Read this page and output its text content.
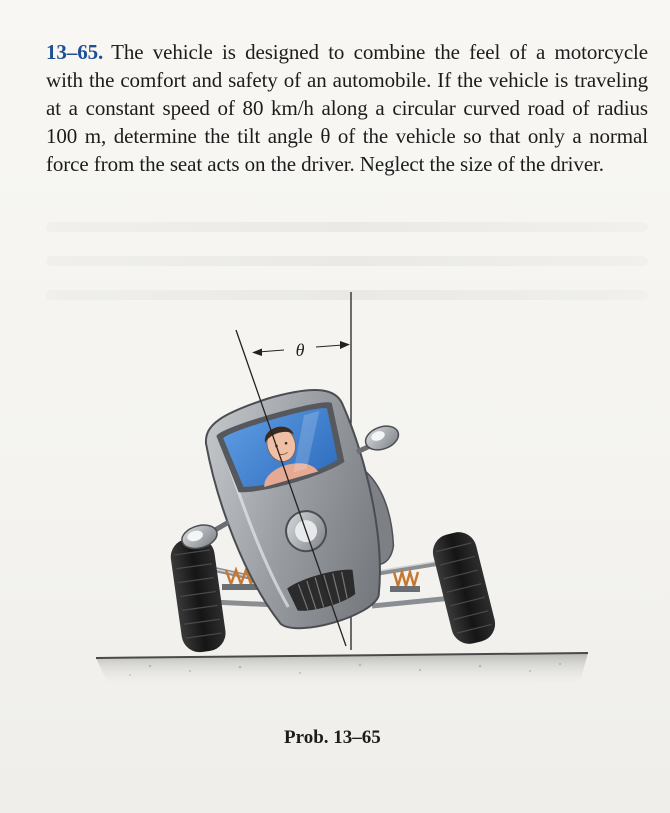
13–65. The vehicle is designed to combine the feel of a motorcycle with the comfort and safety of an automobile. If the vehicle is traveling at a constant speed of 80 km/h along a circular curved road of radius 100 m, determine the tilt angle θ of the vehicle so that only a normal force from the seat acts on the driver. Neglect the size of the driver.
θ
Prob. 13–65
